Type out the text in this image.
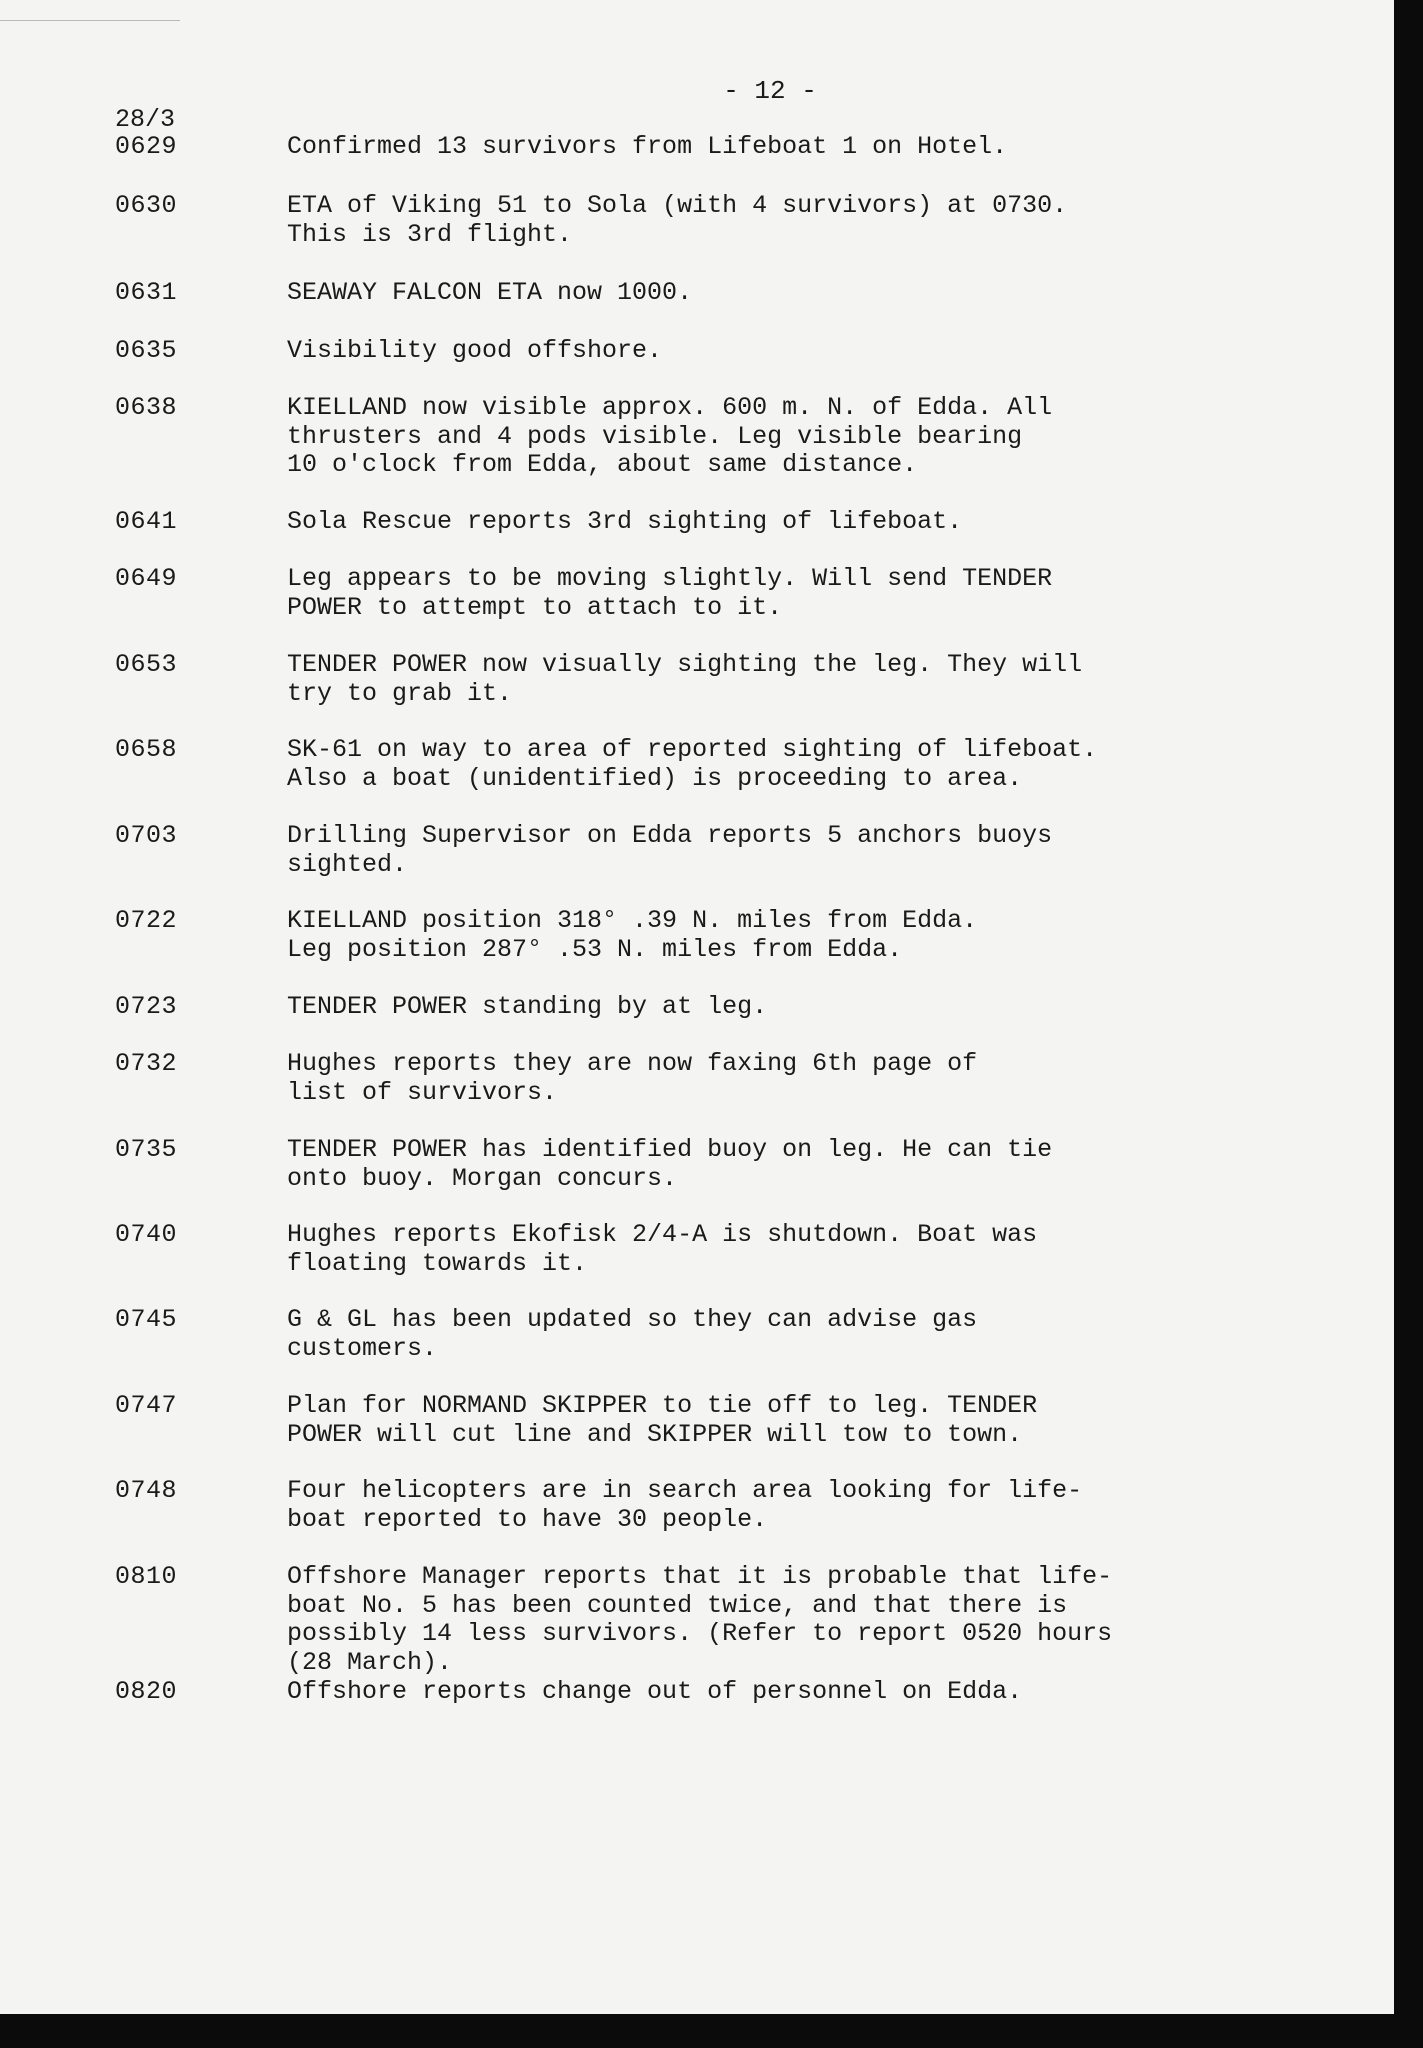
- 12 -
28/3
0629	Confirmed 13 survivors from Lifeboat 1 on Hotel.
0630	ETA of Viking 51 to Sola (with 4 survivors) at 0730.
This is 3rd flight.
0631	SEAWAY FALCON ETA now 1000.
0635	Visibility good offshore.
0638	KIELLAND now visible approx. 600 m. N. of Edda. All
thrusters and 4 pods visible. Leg visible bearing
10 o'clock from Edda, about same distance.
0641	Sola Rescue reports 3rd sighting of lifeboat.
0649	Leg appears to be moving slightly. Will send TENDER
POWER to attempt to attach to it.
0653	TENDER POWER now visually sighting the leg. They will
try to grab it.
0658	SK-61 on way to area of reported sighting of lifeboat.
Also a boat (unidentified) is proceeding to area.
0703	Drilling Supervisor on Edda reports 5 anchors buoys
sighted.
0722	KIELLAND position 318° .39 N. miles from Edda.
Leg position 287° .53 N. miles from Edda.
0723	TENDER POWER standing by at leg.
0732	Hughes reports they are now faxing 6th page of
list of survivors.
0735	TENDER POWER has identified buoy on leg. He can tie
onto buoy. Morgan concurs.
0740	Hughes reports Ekofisk 2/4-A is shutdown. Boat was
floating towards it.
0745	G & GL has been updated so they can advise gas
customers.
0747	Plan for NORMAND SKIPPER to tie off to leg. TENDER
POWER will cut line and SKIPPER will tow to town.
0748	Four helicopters are in search area looking for life-
boat reported to have 30 people.
0810	Offshore Manager reports that it is probable that life-
boat No. 5 has been counted twice, and that there is
possibly 14 less survivors. (Refer to report 0520 hours
(28 March).
0820	Offshore reports change out of personnel on Edda.
